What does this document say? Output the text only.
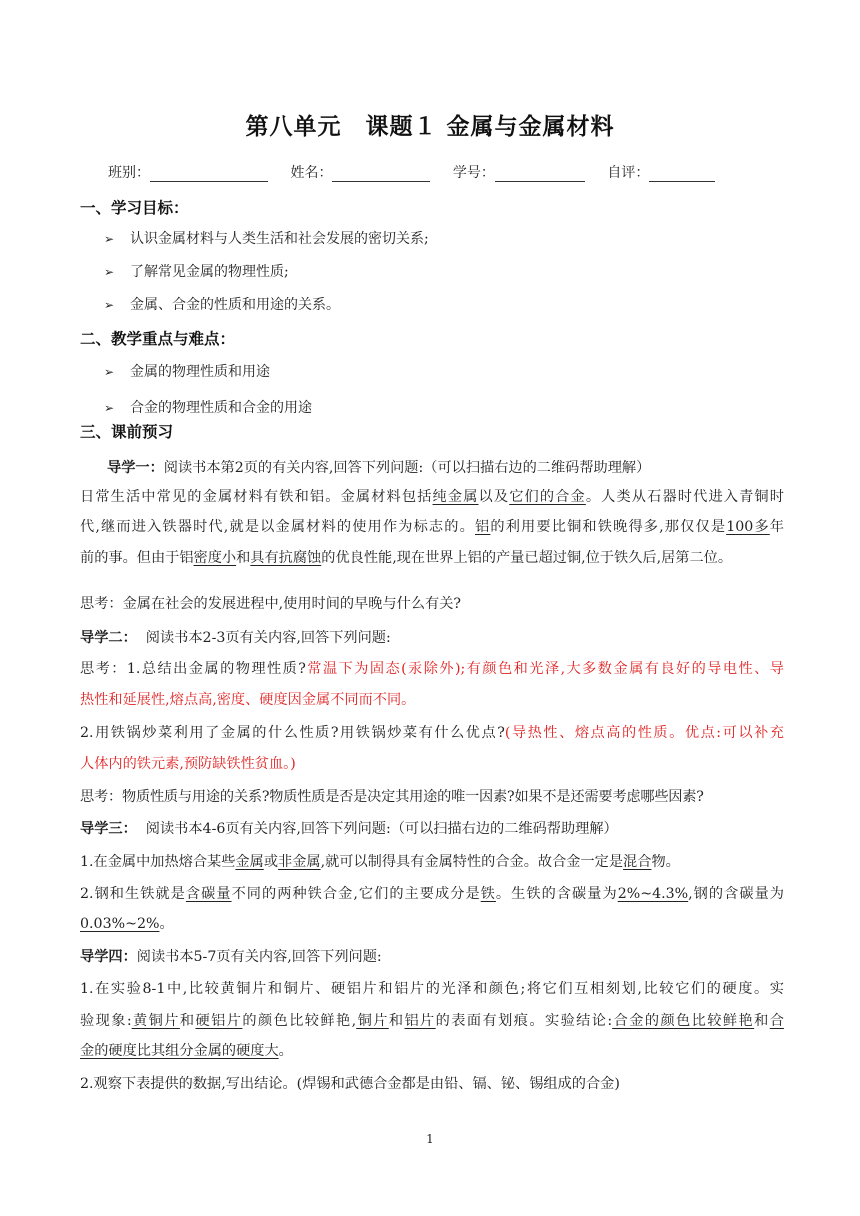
第八单元　课题１ 金属与金属材料
班别：	姓名：	学号：	自评：
一、学习目标：
➢ 认识金属材料与人类生活和社会发展的密切关系;
➢ 了解常见金属的物理性质;
➢ 金属、合金的性质和用途的关系。
二、教学重点与难点：
➢ 金属的物理性质和用途
➢ 合金的物理性质和合金的用途
三、课前预习
导学一：阅读书本第2页的有关内容,回答下列问题:（可以扫描右边的二维码帮助理解）
日常生活中常见的金属材料有铁和铝。金属材料包括纯金属以及它们的合金。人类从石器时代进入青铜时
代,继而进入铁器时代,就是以金属材料的使用作为标志的。铝的利用要比铜和铁晚得多,那仅仅是100多年
前的事。但由于铝密度小和具有抗腐蚀的优良性能,现在世界上铝的产量已超过铜,位于铁久后,居第二位。
思考：金属在社会的发展进程中,使用时间的早晚与什么有关?
导学二： 阅读书本2-3页有关内容,回答下列问题:
思考：1.总结出金属的物理性质?常温下为固态(汞除外);有颜色和光泽,大多数金属有良好的导电性、导
热性和延展性,熔点高,密度、硬度因金属不同而不同。
2.用铁锅炒菜利用了金属的什么性质?用铁锅炒菜有什么优点?(导热性、熔点高的性质。优点:可以补充
人体内的铁元素,预防缺铁性贫血。)
思考：物质性质与用途的关系?物质性质是否是决定其用途的唯一因素?如果不是还需要考虑哪些因素?
导学三： 阅读书本4-6页有关内容,回答下列问题:（可以扫描右边的二维码帮助理解）
1.在金属中加热熔合某些金属或非金属,就可以制得具有金属特性的合金。故合金一定是混合物。
2.钢和生铁就是含碳量不同的两种铁合金,它们的主要成分是铁。生铁的含碳量为2%~4.3%,钢的含碳量为
0.03%~2%。
导学四：阅读书本5-7页有关内容,回答下列问题:
1.在实验8-1中,比较黄铜片和铜片、硬铝片和铝片的光泽和颜色;将它们互相刻划,比较它们的硬度。实
验现象:黄铜片和硬铝片的颜色比较鲜艳,铜片和铝片的表面有划痕。实验结论:合金的颜色比较鲜艳和合
金的硬度比其组分金属的硬度大。
2.观察下表提供的数据,写出结论。(焊锡和武德合金都是由铅、镉、铋、锡组成的合金)
1
